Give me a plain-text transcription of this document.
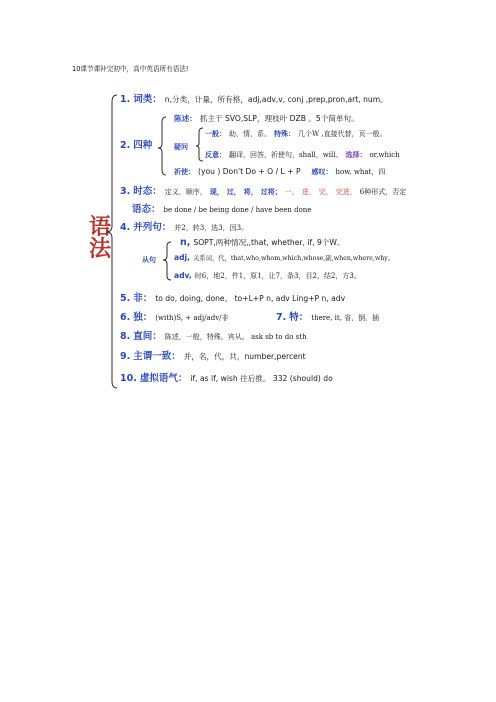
10课节课补完初中，高中英语所有语法!
语
法
1. 词类： n,分类，计量，所有格，adj,adv,v, conj ,prep,pron,art, num。
陈述： 抓主干 SVO,SLP，理枝叶 DZB 。5个简单句。
2. 四种	疑问
一般： 助，情，系。 特殊： 几个W ,直接代替，页一般。
反意： 翻译，回答，祈使句，shall，will。 选择： or,which
祈使： (you ) Don't Do + O / L + P 感叹： how, what，四
3. 时态： 定义，顺序， 现， 过， 将， 过将； 一， 进， 完， 完进， 6种形式，否定
语态： be done / be being done / have been done
4. 并列句： 并2，转3，选3，因3。
n, SOPT,两种情况,,that, whether, if, 9个W。
从句 adj, 关系词，代，that,who,whom,which,whose,副,when,where,why。
adv, 时6，地2，件1，原1，让7，条3，目2，结2，方3。
5. 非： to do, doing, done。 to+L+P n, adv Ling+P n, adv
6. 独： (with)S, + adj/adv/非	7. 特： there, it, 省，倒，插
8. 直间： 陈述，一般，特殊，宾从。 ask sb to do sth
9. 主谓一致： 并，名，代，共，number,percent
10. 虚拟语气： if, as if, wish 往后推。 332 (should) do
